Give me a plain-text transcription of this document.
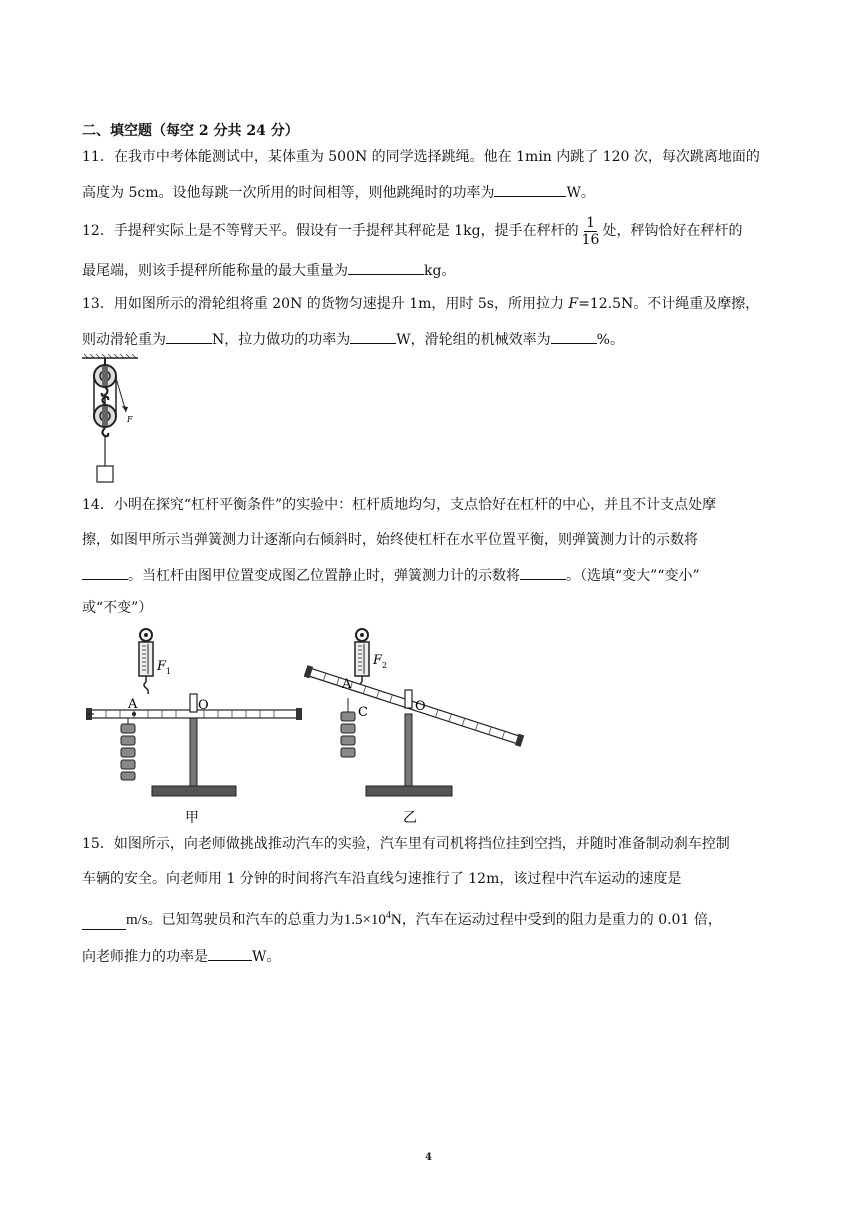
二、填空题（每空 2 分共 24 分）
11．在我市中考体能测试中，某体重为 500N 的同学选择跳绳。他在 1min 内跳了 120 次，每次跳离地面的
高度为 5cm。设他每跳一次所用的时间相等，则他跳绳时的功率为	W。
12．手提秤实际上是不等臂天平。假设有一手提秤其秤砣是 1kg，提手在秤杆的 $\frac{1}{16}$ 处，秤钩恰好在秤杆的
最尾端，则该手提秤所能称量的最大重量为	kg。
13．用如图所示的滑轮组将重 20N 的货物匀速提升 1m，用时 5s，所用拉力 F=12.5N。不计绳重及摩擦，
则动滑轮重为	N，拉力做功的功率为	W，滑轮组的机械效率为	%。
F
14．小明在探究“杠杆平衡条件”的实验中：杠杆质地均匀，支点恰好在杠杆的中心，并且不计支点处摩
擦，如图甲所示当弹簧测力计逐渐向右倾斜时，始终使杠杆在水平位置平衡，则弹簧测力计的示数将
。当杠杆由图甲位置变成图乙位置静止时，弹簧测力计的示数将	。（选填“变大”“变小”
或“不变”）
F 1
A	O
甲
F 2
A
C	O
乙
15．如图所示，向老师做挑战推动汽车的实验，汽车里有司机将挡位挂到空挡，并随时准备制动刹车控制
车辆的安全。向老师用 1 分钟的时间将汽车沿直线匀速推行了 12m，该过程中汽车运动的速度是
m/s 。已知驾驶员和汽车的总重力为 $1.5\times 10^4$ N ，汽车在运动过程中受到的阻力是重力的 0.01 倍，
向老师推力的功率是	W。
4
